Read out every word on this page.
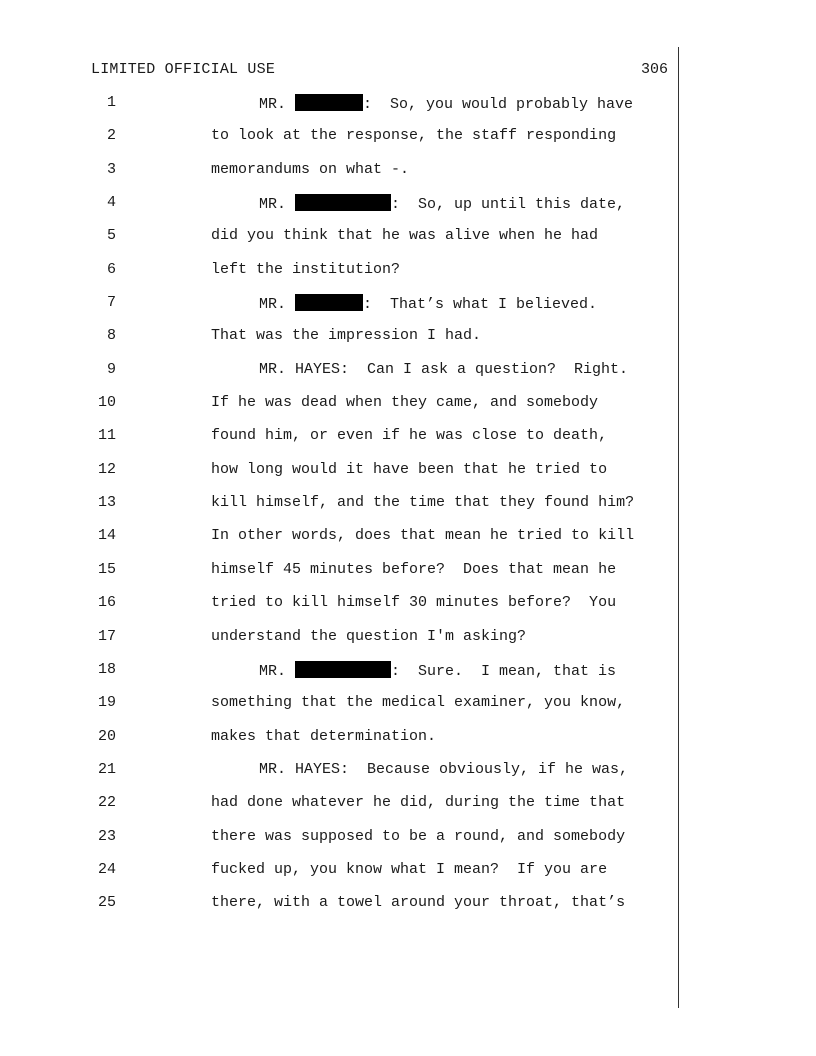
LIMITED OFFICIAL USE	306
1	MR.	:  So, you would probably have
2	to look at the response, the staff responding
3	memorandums on what -.
4	MR.	:  So, up until this date,
5	did you think that he was alive when he had
6	left the institution?
7	MR.	:  That’s what I believed.
8	That was the impression I had.
9	MR. HAYES:  Can I ask a question?  Right.
10	If he was dead when they came, and somebody
11	found him, or even if he was close to death,
12	how long would it have been that he tried to
13	kill himself, and the time that they found him?
14	In other words, does that mean he tried to kill
15	himself 45 minutes before?  Does that mean he
16	tried to kill himself 30 minutes before?  You
17	understand the question I'm asking?
18	MR.	:  Sure.  I mean, that is
19	something that the medical examiner, you know,
20	makes that determination.
21	MR. HAYES:  Because obviously, if he was,
22	had done whatever he did, during the time that
23	there was supposed to be a round, and somebody
24	fucked up, you know what I mean?  If you are
25	there, with a towel around your throat, that’s
